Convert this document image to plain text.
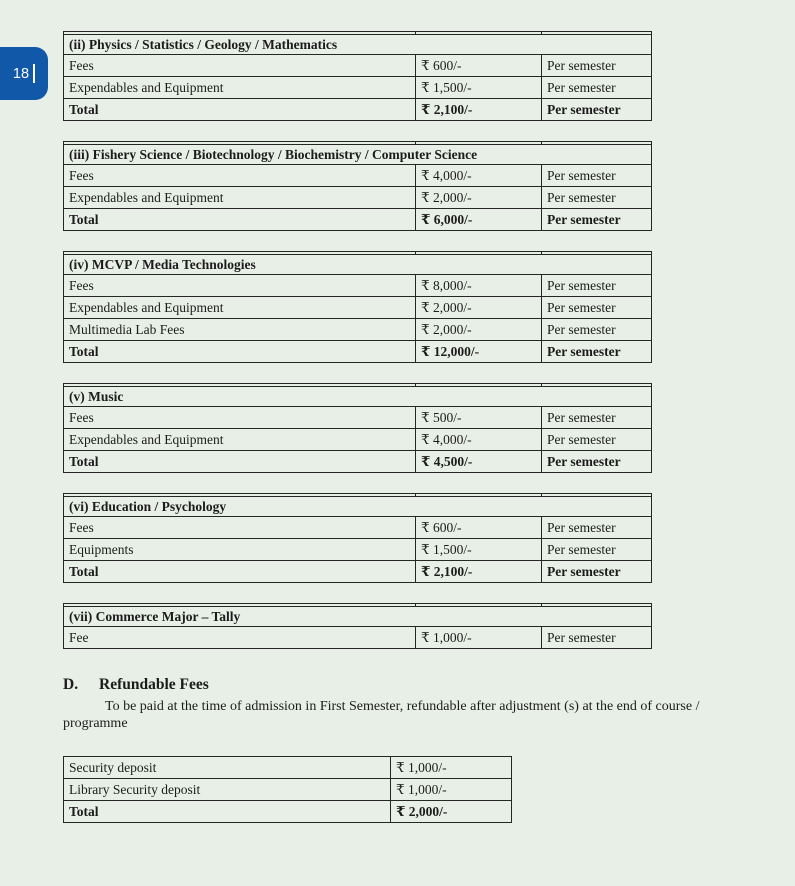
18

(ii) Physics / Statistics / Geology / Mathematics		
Fees	₹ 600/-	Per semester
Expendables and Equipment	₹ 1,500/-	Per semester
Total	₹ 2,100/-	Per semester

(iii) Fishery Science / Biotechnology / Biochemistry / Computer Science		
Fees	₹ 4,000/-	Per semester
Expendables and Equipment	₹ 2,000/-	Per semester
Total	₹ 6,000/-	Per semester

(iv) MCVP / Media Technologies		
Fees	₹ 8,000/-	Per semester
Expendables and Equipment	₹ 2,000/-	Per semester
Multimedia Lab Fees	₹ 2,000/-	Per semester
Total	₹ 12,000/-	Per semester

(v) Music		
Fees	₹ 500/-	Per semester
Expendables and Equipment	₹ 4,000/-	Per semester
Total	₹ 4,500/-	Per semester

(vi) Education / Psychology		
Fees	₹ 600/-	Per semester
Equipments	₹ 1,500/-	Per semester
Total	₹ 2,100/-	Per semester

(vii) Commerce Major – Tally		
Fee	₹ 1,000/-	Per semester
D. Refundable Fees

To be paid at the time of admission in First Semester, refundable after adjustment (s) at the end of course / programme

Security deposit	₹ 1,000/-
Library Security deposit	₹ 1,000/-
Total	₹ 2,000/-
